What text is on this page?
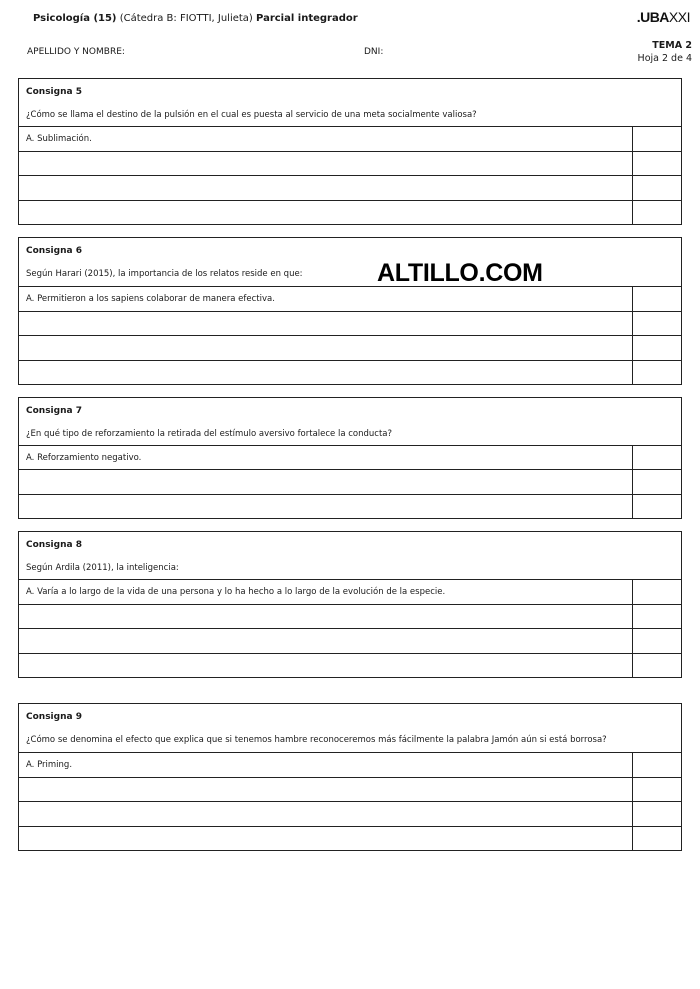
Psicología (15) (Cátedra B: FIOTTI, Julieta) Parcial integrador	.UBAXXI
APELLIDO Y NOMBRE:	DNI:
TEMA 2
Hoja 2 de 4
Consigna 5
¿Cómo se llama el destino de la pulsión en el cual es puesta al servicio de una meta socialmente valiosa?
A. Sublimación.
Consigna 6
Según Harari (2015), la importancia de los relatos reside en que:
A. Permitieron a los sapiens colaborar de manera efectiva.
Consigna 7
¿En qué tipo de reforzamiento la retirada del estímulo aversivo fortalece la conducta?
A. Reforzamiento negativo.
ALTILLO.COM
Consigna 8
Según Ardila (2011), la inteligencia:
A. Varía a lo largo de la vida de una persona y lo ha hecho a lo largo de la evolución de la especie.
Consigna 9
¿Cómo se denomina el efecto que explica que si tenemos hambre reconoceremos más fácilmente la palabra Jamón aún si está borrosa?
A. Priming.
